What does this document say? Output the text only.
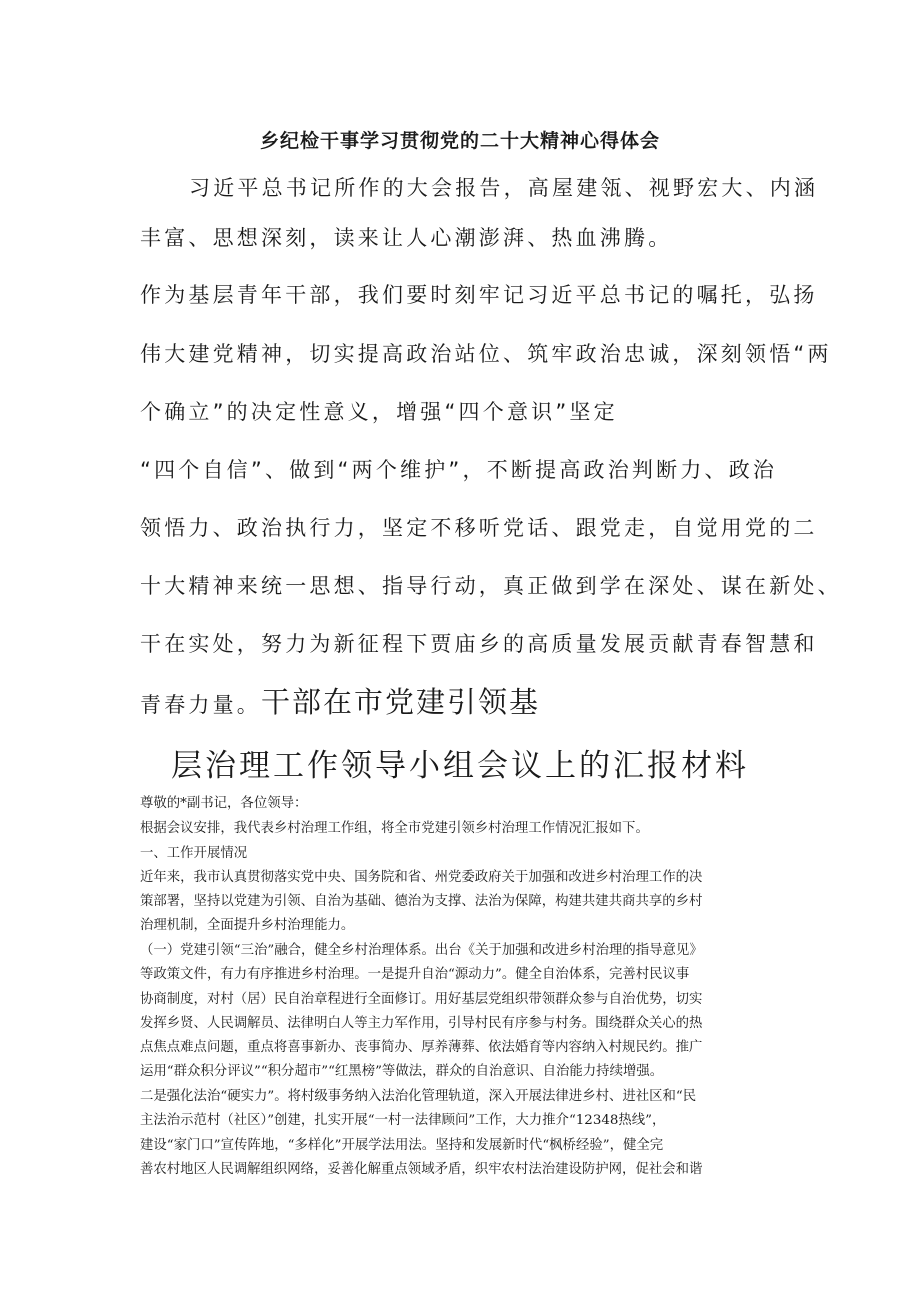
乡纪检干事学习贯彻党的二十大精神心得体会
习近平总书记所作的大会报告，高屋建瓴、视野宏大、内涵
丰富、思想深刻，读来让人心潮澎湃、热血沸腾。
作为基层青年干部，我们要时刻牢记习近平总书记的嘱托，弘扬
伟大建党精神，切实提高政治站位、筑牢政治忠诚，深刻领悟“两
个确立”的决定性意义，增强“四个意识”坚定
“四个自信”、做到“两个维护”，不断提高政治判断力、政治
领悟力、政治执行力，坚定不移听党话、跟党走，自觉用党的二
十大精神来统一思想、指导行动，真正做到学在深处、谋在新处、
干在实处，努力为新征程下贾庙乡的高质量发展贡献青春智慧和
青春力量。干部在市党建引领基
层治理工作领导小组会议上的汇报材料
尊敬的*副书记，各位领导：
根据会议安排，我代表乡村治理工作组，将全市党建引领乡村治理工作情况汇报如下。
一、工作开展情况
近年来，我市认真贯彻落实党中央、国务院和省、州党委政府关于加强和改进乡村治理工作的决
策部署，坚持以党建为引领、自治为基础、德治为支撑、法治为保障，构建共建共商共享的乡村
治理机制，全面提升乡村治理能力。
（一）党建引领“三治”融合，健全乡村治理体系。出台《关于加强和改进乡村治理的指导意见》
等政策文件，有力有序推进乡村治理。一是提升自治“源动力”。健全自治体系，完善村民议事
协商制度，对村（居）民自治章程进行全面修订。用好基层党组织带领群众参与自治优势，切实
发挥乡贤、人民调解员、法律明白人等主力军作用，引导村民有序参与村务。围绕群众关心的热
点焦点难点问题，重点将喜事新办、丧事简办、厚养薄葬、依法婚育等内容纳入村规民约。推广
运用“群众积分评议”“积分超市”“红黑榜”等做法，群众的自治意识、自治能力持续增强。
二是强化法治“硬实力”。将村级事务纳入法治化管理轨道，深入开展法律进乡村、进社区和“民
主法治示范村（社区）”创建，扎实开展“一村一法律顾问”工作，大力推介“12348热线”，
建设“家门口”宣传阵地，“多样化”开展学法用法。坚持和发展新时代“枫桥经验”，健全完
善农村地区人民调解组织网络，妥善化解重点领域矛盾，织牢农村法治建设防护网，促社会和谐
